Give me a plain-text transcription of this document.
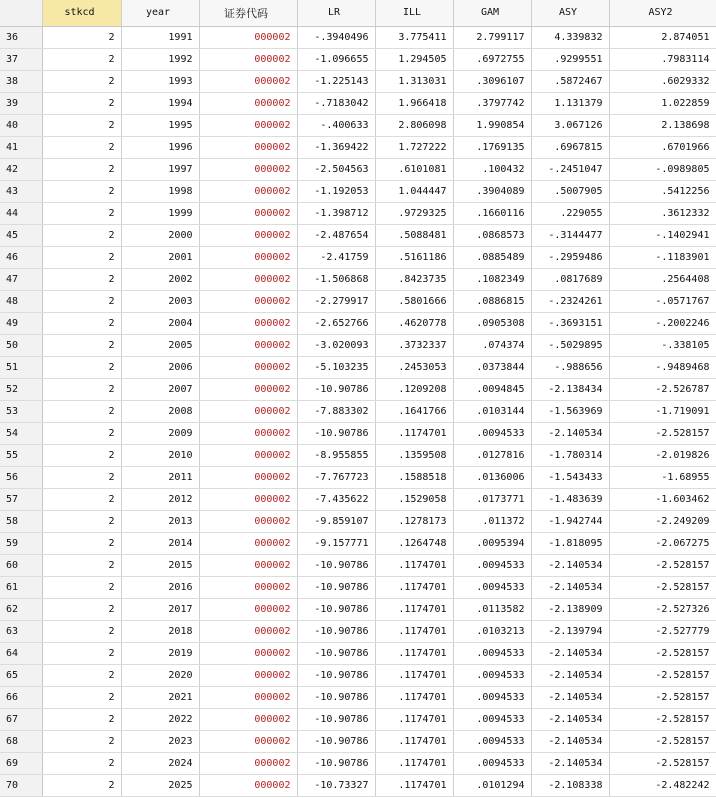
	stkcd	year	证券代码	LR	ILL	GAM	ASY	ASY2
36	2	1991	000002	-.3940496	3.775411	2.799117	4.339832	2.874051
37	2	1992	000002	-1.096655	1.294505	.6972755	.9299551	.7983114
38	2	1993	000002	-1.225143	1.313031	.3096107	.5872467	.6029332
39	2	1994	000002	-.7183042	1.966418	.3797742	1.131379	1.022859
40	2	1995	000002	-.400633	2.806098	1.990854	3.067126	2.138698
41	2	1996	000002	-1.369422	1.727222	.1769135	.6967815	.6701966
42	2	1997	000002	-2.504563	.6101081	.100432	-.2451047	-.0989805
43	2	1998	000002	-1.192053	1.044447	.3904089	.5007905	.5412256
44	2	1999	000002	-1.398712	.9729325	.1660116	.229055	.3612332
45	2	2000	000002	-2.487654	.5088481	.0868573	-.3144477	-.1402941
46	2	2001	000002	-2.41759	.5161186	.0885489	-.2959486	-.1183901
47	2	2002	000002	-1.506868	.8423735	.1082349	.0817689	.2564408
48	2	2003	000002	-2.279917	.5801666	.0886815	-.2324261	-.0571767
49	2	2004	000002	-2.652766	.4620778	.0905308	-.3693151	-.2002246
50	2	2005	000002	-3.020093	.3732337	.074374	-.5029895	-.338105
51	2	2006	000002	-5.103235	.2453053	.0373844	-.988656	-.9489468
52	2	2007	000002	-10.90786	.1209208	.0094845	-2.138434	-2.526787
53	2	2008	000002	-7.883302	.1641766	.0103144	-1.563969	-1.719091
54	2	2009	000002	-10.90786	.1174701	.0094533	-2.140534	-2.528157
55	2	2010	000002	-8.955855	.1359508	.0127816	-1.780314	-2.019826
56	2	2011	000002	-7.767723	.1588518	.0136006	-1.543433	-1.68955
57	2	2012	000002	-7.435622	.1529058	.0173771	-1.483639	-1.603462
58	2	2013	000002	-9.859107	.1278173	.011372	-1.942744	-2.249209
59	2	2014	000002	-9.157771	.1264748	.0095394	-1.818095	-2.067275
60	2	2015	000002	-10.90786	.1174701	.0094533	-2.140534	-2.528157
61	2	2016	000002	-10.90786	.1174701	.0094533	-2.140534	-2.528157
62	2	2017	000002	-10.90786	.1174701	.0113582	-2.138909	-2.527326
63	2	2018	000002	-10.90786	.1174701	.0103213	-2.139794	-2.527779
64	2	2019	000002	-10.90786	.1174701	.0094533	-2.140534	-2.528157
65	2	2020	000002	-10.90786	.1174701	.0094533	-2.140534	-2.528157
66	2	2021	000002	-10.90786	.1174701	.0094533	-2.140534	-2.528157
67	2	2022	000002	-10.90786	.1174701	.0094533	-2.140534	-2.528157
68	2	2023	000002	-10.90786	.1174701	.0094533	-2.140534	-2.528157
69	2	2024	000002	-10.90786	.1174701	.0094533	-2.140534	-2.528157
70	2	2025	000002	-10.73327	.1174701	.0101294	-2.108338	-2.482242
